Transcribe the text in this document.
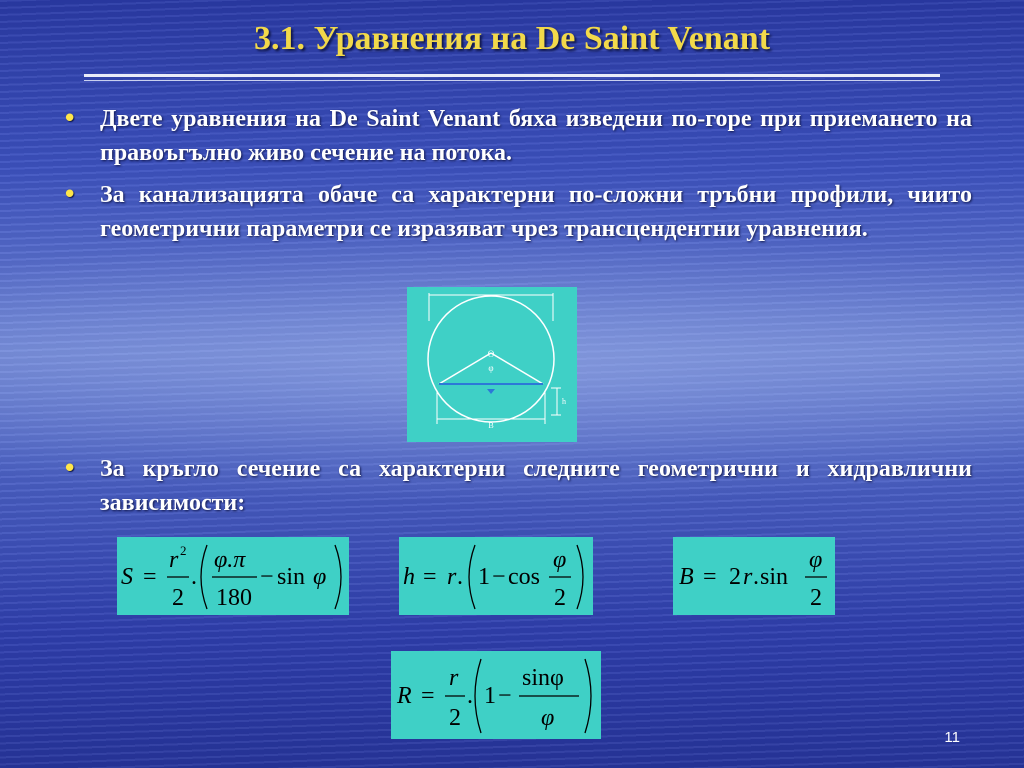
3.1. Уравнения на De Saint Venant
• Двете уравнения на De Saint Venant бяха изведени по-горе при приемането на правоъгълно живо сечение на потока.
• За канализацията обаче са характерни по-сложни тръбни профили, чиито геометрични параметри се изразяват чрез трансцендентни уравнения.
• За кръгло сечение са характерни следните геометрични и хидравлични зависимости:
O
φ
h
B
S =
r 2
2
.
φ.π
180
− sin φ	h = r . 1 − cos
φ
2
B = 2 r . sin
φ
2
R =
r
2
. 1 −
sinφ
φ
11
